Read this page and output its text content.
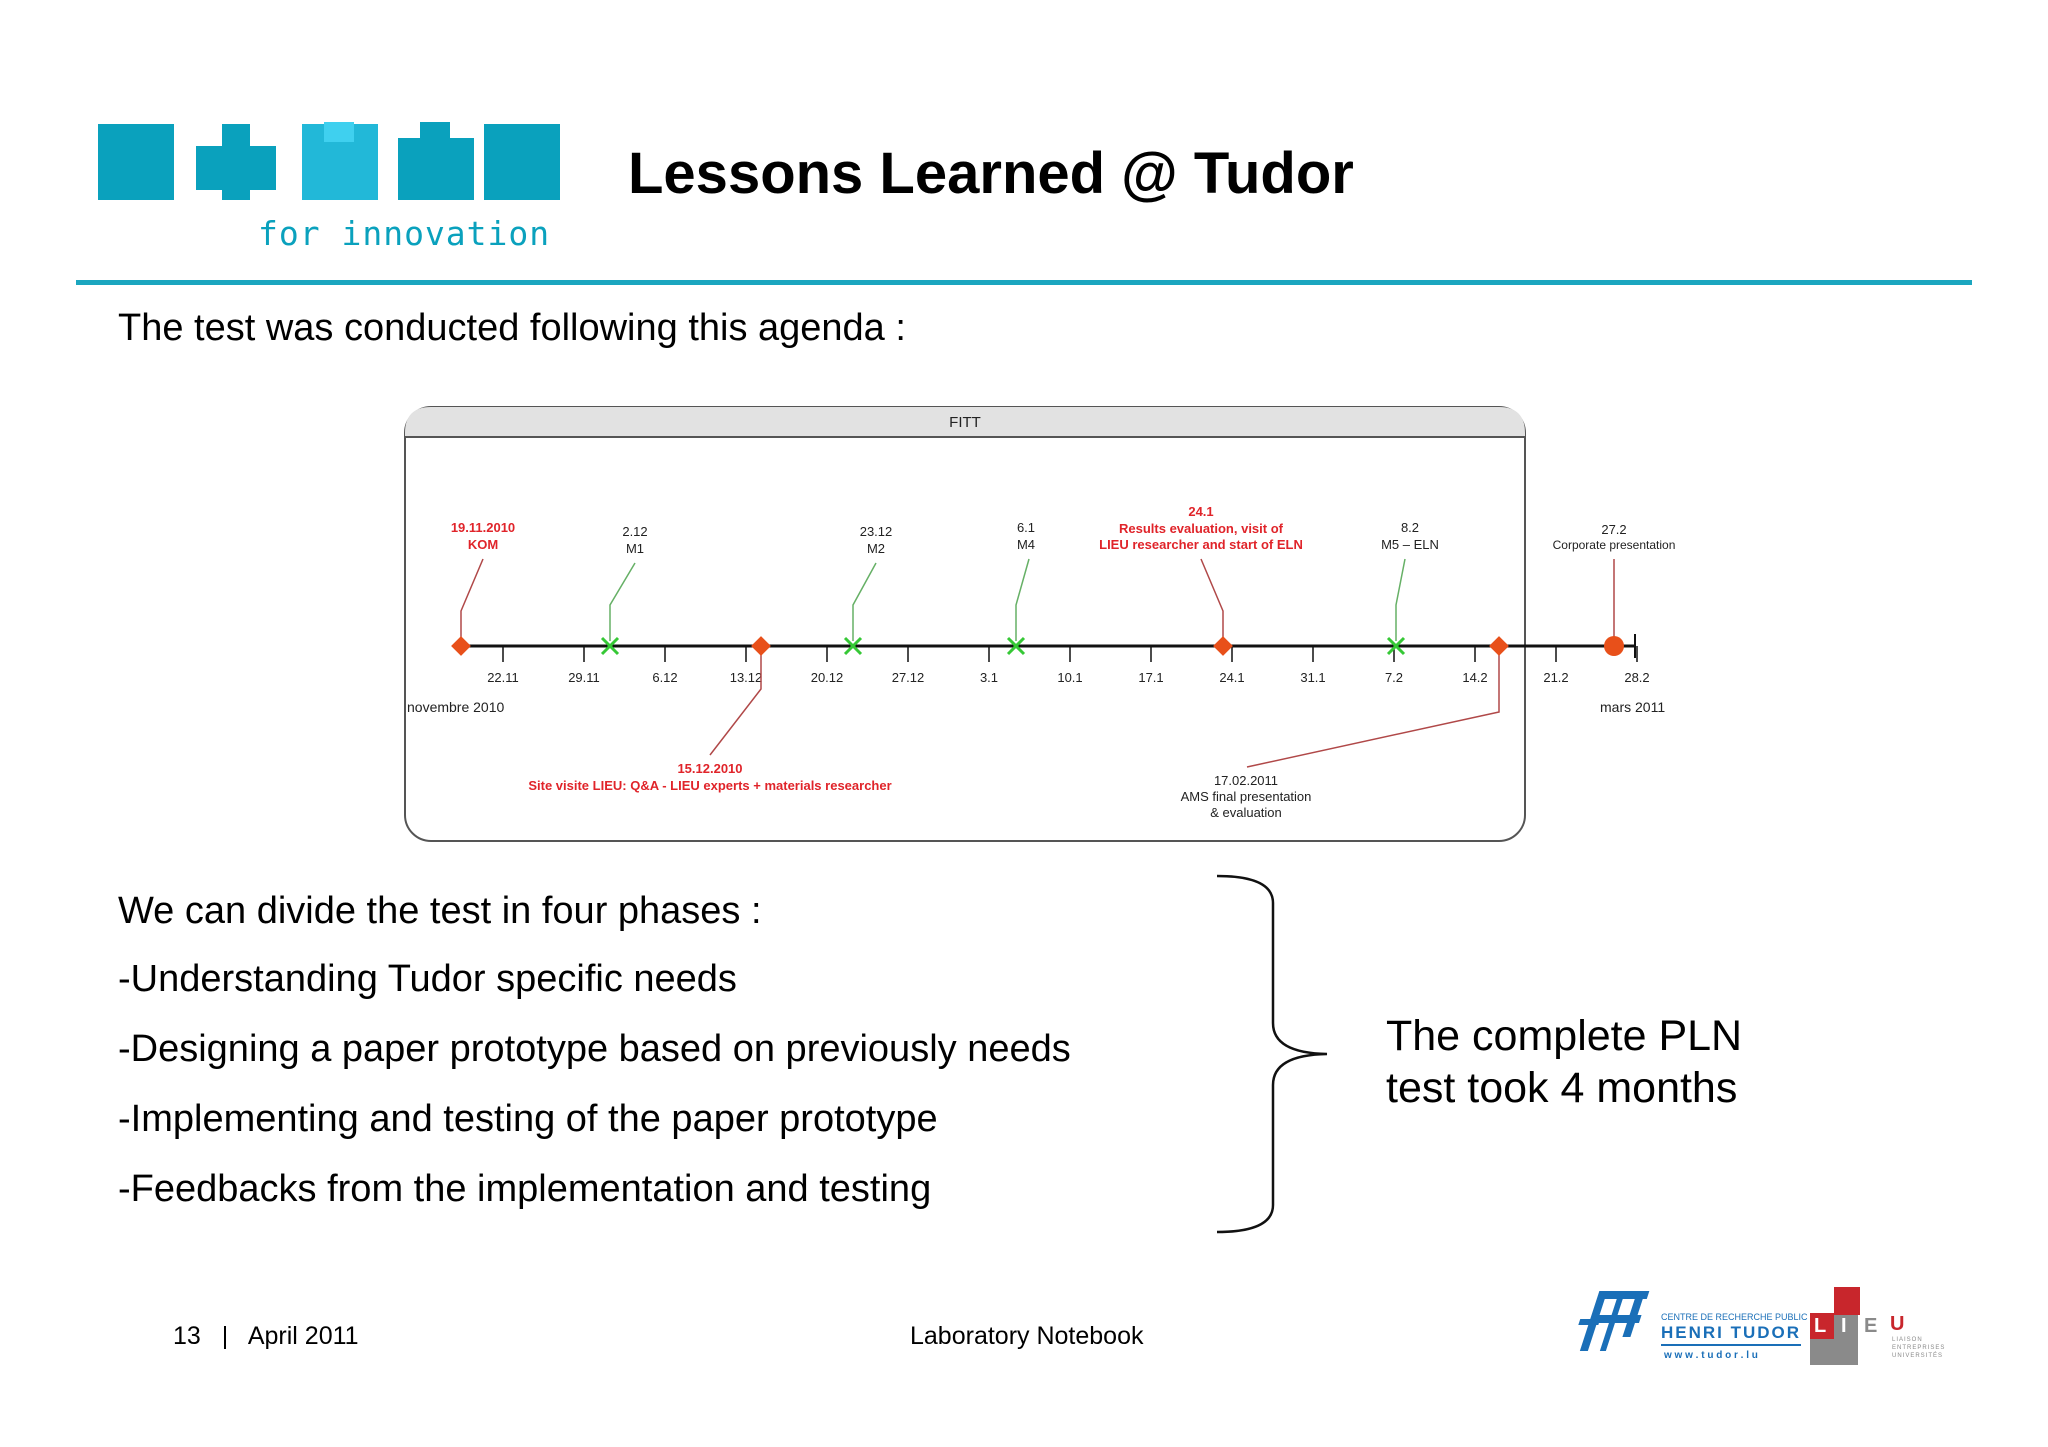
for innovation
Lessons Learned @ Tudor
The test was conducted following this agenda :
FITT
22.11	29.11	6.12	13.12	20.12	27.12	3.1	10.1	17.1	24.1	31.1	7.2	14.2	21.2	28.2
novembre 2010	mars 2011
19.11.2010
KOM
2.12
M1
23.12
M2
6.1
M4
24.1
Results evaluation, visit of
LIEU researcher and start of ELN
8.2
M5 – ELN
27.2
Corporate presentation
15.12.2010
Site visite LIEU: Q&A - LIEU experts + materials researcher	17.02.2011
AMS final presentation
& evaluation
We can divide the test in four phases :
-Understanding Tudor specific needs
-Designing a paper prototype based on previously needs
-Implementing and testing of the paper prototype
-Feedbacks from the implementation and testing
The complete PLN
test took 4 months
13 | April 2011	Laboratory Notebook
CENTRE DE RECHERCHE PUBLIC
HENRI TUDOR
w w w . t u d o r . l u
L I E U
LIAISON
ENTREPRISES
UNIVERSITÉS
